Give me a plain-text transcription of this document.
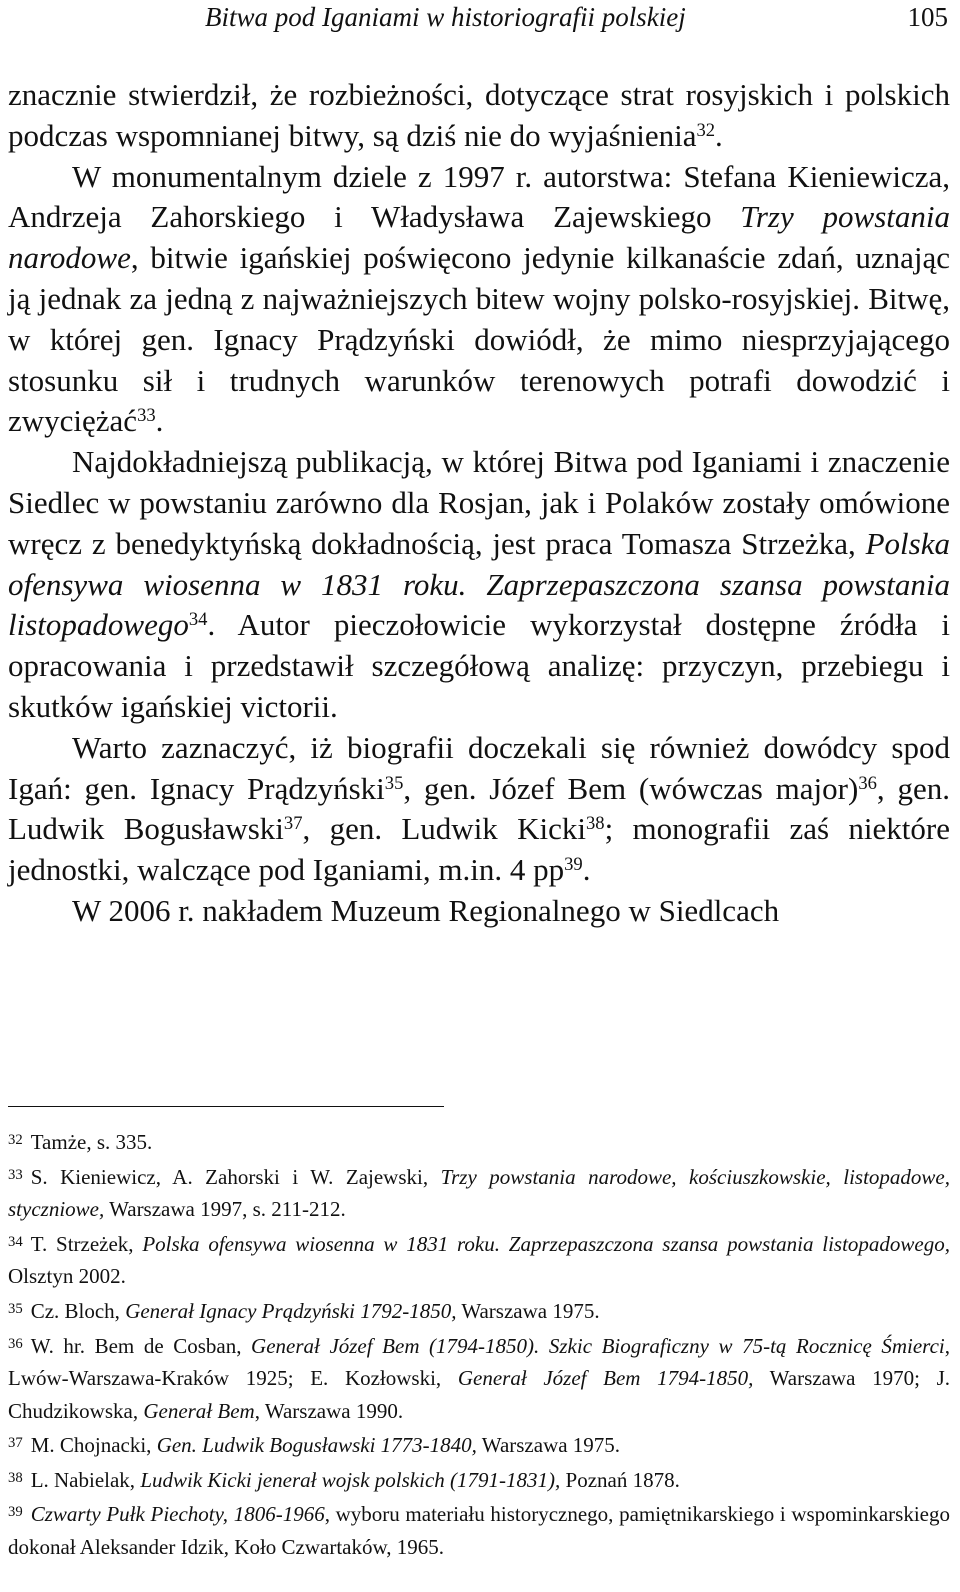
Bitwa pod Iganiami w historiografii polskiej	105

znacznie stwierdził, że rozbieżności, dotyczące strat rosyjskich i polskich podczas wspomnianej bitwy, są dziś nie do wyjaśnienia$^{32}$.

W monumentalnym dziele z 1997 r. autorstwa: Stefana Kieniewicza, Andrzeja Zahorskiego i Władysława Zajewskiego Trzy powstania narodowe, bitwie igańskiej poświęcono jedynie kilkanaście zdań, uznając ją jednak za jedną z najważniejszych bitew wojny polsko-rosyjskiej. Bitwę, w której gen. Ignacy Prądzyński dowiódł, że mimo niesprzyjającego stosunku sił i trudnych warunków terenowych potrafi dowodzić i zwyciężać$^{33}$.

Najdokładniejszą publikacją, w której Bitwa pod Iganiami i znaczenie Siedlec w powstaniu zarówno dla Rosjan, jak i Polaków zostały omówione wręcz z benedyktyńską dokładnością, jest praca Tomasza Strzeżka, Polska ofensywa wiosenna w 1831 roku. Zaprzepaszczona szansa powstania listopadowego$^{34}$. Autor pieczołowicie wykorzystał dostępne źródła i opracowania i przedstawił szczegółową analizę: przyczyn, przebiegu i skutków igańskiej victorii.

Warto zaznaczyć, iż biografii doczekali się również dowódcy spod Igań: gen. Ignacy Prądzyński$^{35}$, gen. Józef Bem (wówczas major)$^{36}$, gen. Ludwik Bogusławski$^{37}$, gen. Ludwik Kicki$^{38}$; monografii zaś niektóre jednostki, walczące pod Iganiami, m.in. 4 $pp^{39}$.

W 2006 r. nakładem Muzeum Regionalnego w Siedlcach

$^{32}$ Tamże, s. 335.

$^{33}$ S. Kieniewicz, A. Zahorski i W. Zajewski, Trzy powstania narodowe, kościuszkowskie, listopadowe, styczniowe, Warszawa 1997, s. 211-212.

$^{34}$ T. Strzeżek, Polska ofensywa wiosenna w 1831 roku. Zaprzepaszczona szansa powstania listopadowego, Olsztyn 2002.

$^{35}$ Cz. Bloch, Generał Ignacy Prądzyński 1792-1850, Warszawa 1975.

$^{36}$ W. hr. Bem de Cosban, Generał Józef Bem (1794-1850). Szkic Biograficzny w 75-tą Rocznicę Śmierci, Lwów-Warszawa-Kraków 1925; E. Kozłowski, Generał Józef Bem 1794-1850, Warszawa 1970; J. Chudzikowska, Generał Bem, Warszawa 1990.

$^{37}$ M. Chojnacki, Gen. Ludwik Bogusławski 1773-1840, Warszawa 1975.

$^{38}$ L. Nabielak, Ludwik Kicki jenerał wojsk polskich (1791-1831), Poznań 1878.

$^{39}$ Czwarty Pułk Piechoty, 1806-1966, wyboru materiału historycznego, pamiętnikarskiego i wspominkarskiego dokonał Aleksander Idzik, Koło Czwartaków, 1965.
